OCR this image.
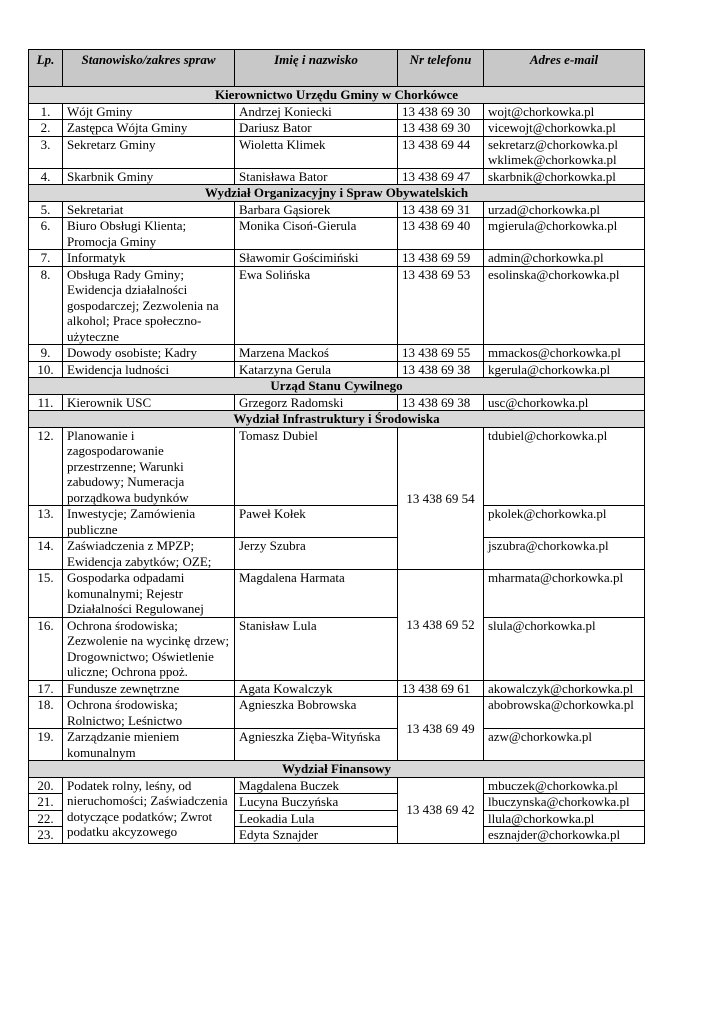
Lp.	Stanowisko/zakres spraw	Imię i nazwisko	Nr telefonu	Adres e-mail	
Kierownictwo Urzędu Gminy w Chorkówce					
1.	Wójt Gminy	Andrzej Koniecki	13 438 69 30	wojt@chorkowka.pl	
2.	Zastępca Wójta Gminy	Dariusz Bator	13 438 69 30	vicewojt@chorkowka.pl	
3.	Sekretarz Gminy	Wioletta Klimek	13 438 69 44	sekretarz@chorkowka.pl
wklimek@chorkowka.pl

4.	Skarbnik Gminy	Stanisława Bator	13 438 69 47	skarbnik@chorkowka.pl	
Wydział Organizacyjny i Spraw Obywatelskich					
5.	Sekretariat	Barbara Gąsiorek	13 438 69 31	urzad@chorkowka.pl	
6.	Biuro Obsługi Klienta; Promocja Gminy	Monika Cisoń-Gierula	13 438 69 40	mgierula@chorkowka.pl	
7.	Informatyk	Sławomir Gościmiński	13 438 69 59	admin@chorkowka.pl	
8.	Obsługa Rady Gminy; Ewidencja działalności gospodarczej; Zezwolenia na alkohol; Prace społeczno-użyteczne	Ewa Solińska	13 438 69 53	esolinska@chorkowka.pl	
9.	Dowody osobiste; Kadry	Marzena Mackoś	13 438 69 55	mmackos@chorkowka.pl	
10.	Ewidencja ludności	Katarzyna Gerula	13 438 69 38	kgerula@chorkowka.pl	
Urząd Stanu Cywilnego					
11.	Kierownik USC	Grzegorz Radomski	13 438 69 38	usc@chorkowka.pl	
Wydział Infrastruktury i Środowiska					
12.	Planowanie i zagospodarowanie przestrzenne; Warunki zabudowy; Numeracja porządkowa budynków	Tomasz Dubiel	13 438 69 54	tdubiel@chorkowka.pl	
13.	Inwestycje; Zamówienia publiczne	Paweł Kołek		pkolek@chorkowka.pl	
14.	Zaświadczenia z MPZP; Ewidencja zabytków; OZE;	Jerzy Szubra		jszubra@chorkowka.pl	
15.	Gospodarka odpadami komunalnymi; Rejestr Działalności Regulowanej	Magdalena Harmata	13 438 69 52	mharmata@chorkowka.pl	
16.	Ochrona środowiska; Zezwolenie na wycinkę drzew; Drogownictwo; Oświetlenie uliczne; Ochrona ppoż.	Stanisław Lula		slula@chorkowka.pl	
17.	Fundusze zewnętrzne	Agata Kowalczyk	13 438 69 61	akowalczyk@chorkowka.pl	
18.	Ochrona środowiska; Rolnictwo; Leśnictwo	Agnieszka Bobrowska	13 438 69 49	abobrowska@chorkowka.pl	
19.	Zarządzanie mieniem komunalnym	Agnieszka Zięba-Wityńska		azw@chorkowka.pl	
Wydział Finansowy					
20.	Podatek rolny, leśny, od nieruchomości; Zaświadczenia dotyczące podatków; Zwrot podatku akcyzowego	Magdalena Buczek	13 438 69 42	mbuczek@chorkowka.pl	
21.		Lucyna Buczyńska		lbuczynska@chorkowka.pl	
22.		Leokadia Lula		llula@chorkowka.pl	
23.		Edyta Sznajder		esznajder@chorkowka.pl	
